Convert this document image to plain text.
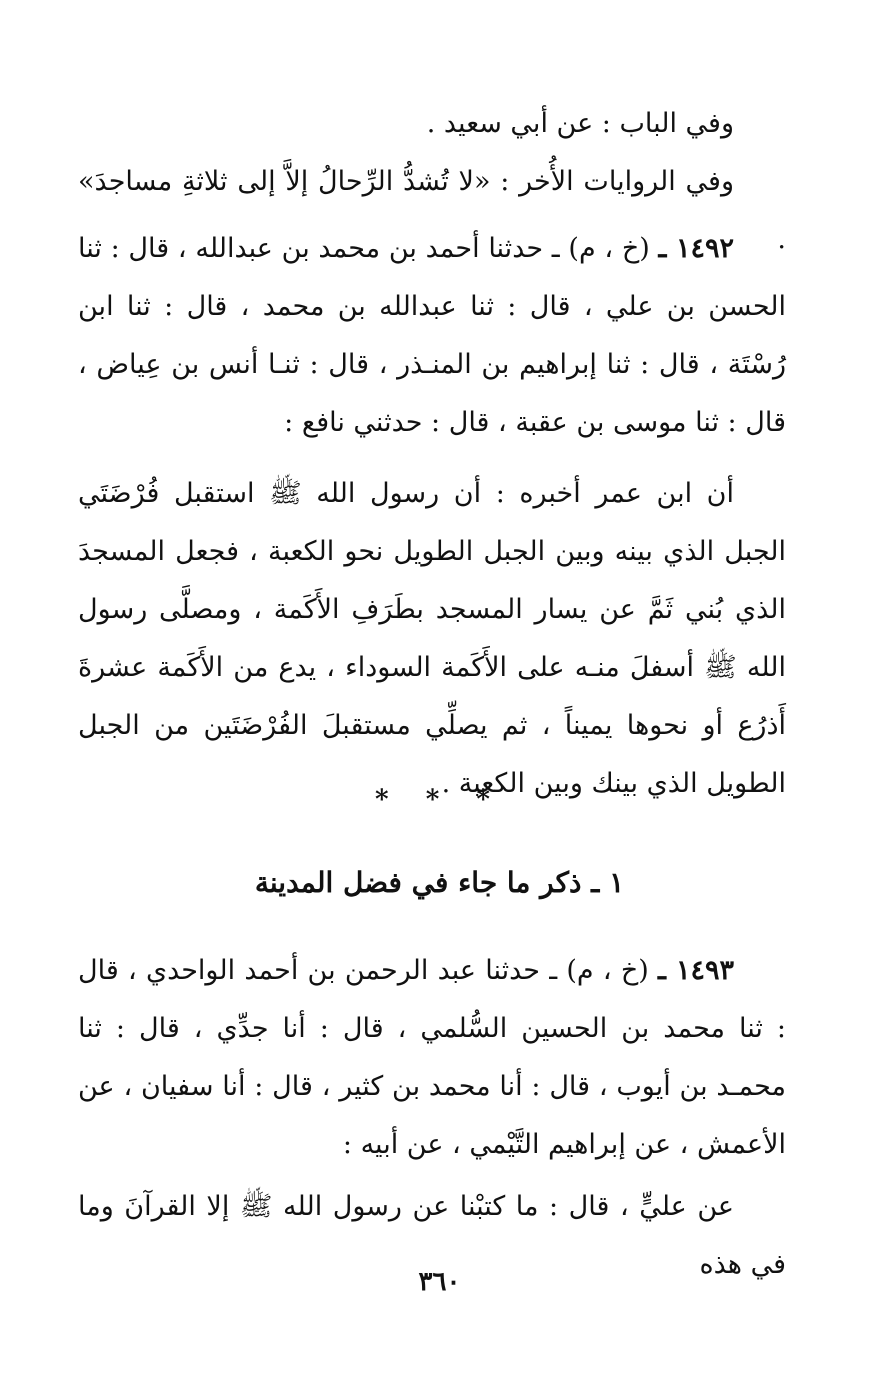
وفي الباب : عن أبي سعيد .
وفي الروايات الأُخر : «لا تُشدُّ الرِّحالُ إلاَّ إلى ثلاثةِ مساجدَ» .
١٤٩٢ ـ (خ ، م) ـ حدثنا أحمد بن محمد بن عبدالله ، قال : ثنا الحسن بن علي ، قال : ثنا عبدالله بن محمد ، قال : ثنا ابن رُسْتَة ، قال : ثنا إبراهيم بن المنـذر ، قال : ثنـا أنس بن عِياض ، قال : ثنا موسى بن عقبة ، قال : حدثني نافع :
أن ابن عمر أخبره : أن رسول الله ﷺ استقبل فُرْضَتَي الجبل الذي بينه وبين الجبل الطويل نحو الكعبة ، فجعل المسجدَ الذي بُني ثَمَّ عن يسار المسجد بطَرَفِ الأَكَمة ، ومصلَّى رسول الله ﷺ أسفلَ منـه على الأَكَمة السوداء ، يدع من الأَكَمة عشرةَ أَذرُع أو نحوها يميناً ، ثم يصلِّي مستقبلَ الفُرْضَتَين من الجبل الطويل الذي بينك وبين الكعبة .
* * *
١ ـ ذكر ما جاء في فضل المدينة
١٤٩٣ ـ (خ ، م) ـ حدثنا عبد الرحمن بن أحمد الواحدي ، قال : ثنا محمد بن الحسين السُّلمي ، قال : أنا جدِّي ، قال : ثنا محمـد بن أيوب ، قال : أنا محمد بن كثير ، قال : أنا سفيان ، عن الأعمش ، عن إبراهيم التَّيْمي ، عن أبيه :
عن عليٍّ ، قال : ما كتبْنا عن رسول الله ﷺ إلا القرآنَ وما في هذه
٣٦٠
